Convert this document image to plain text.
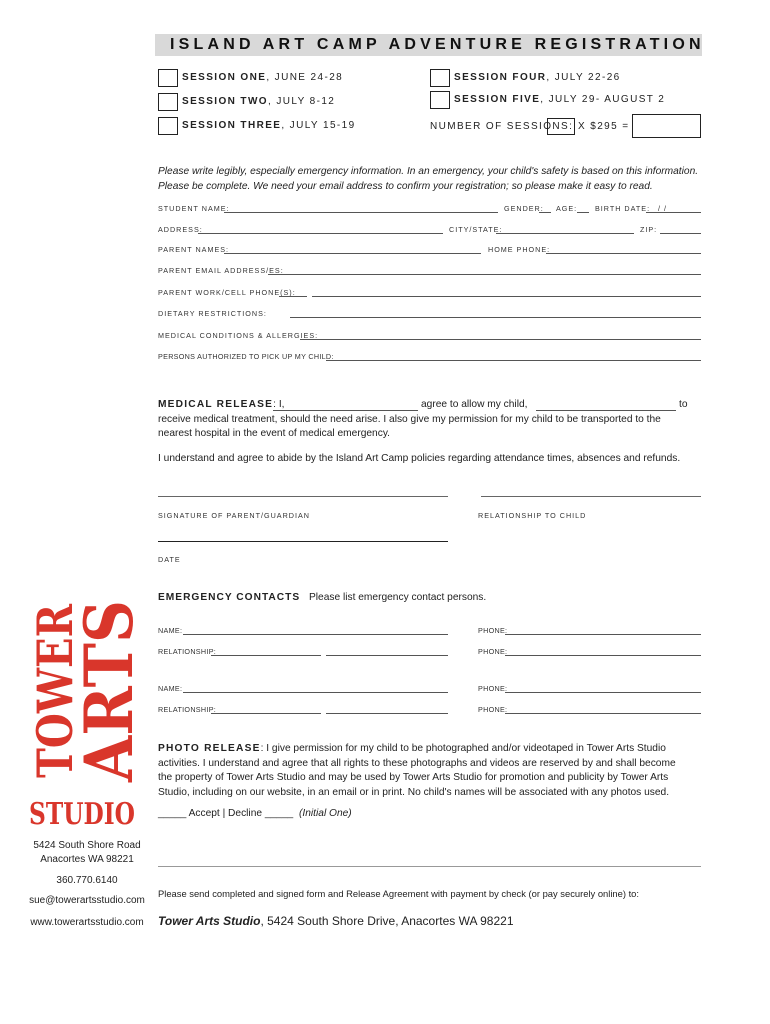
ISLAND ART CAMP ADVENTURE REGISTRATION
SESSION ONE, JUNE 24-28
SESSION TWO, JULY 8-12
SESSION THREE, JULY 15-19
SESSION FOUR, JULY 22-26
SESSION FIVE, JULY 29- AUGUST 2
NUMBER OF SESSIONS: X $295 =
Please write legibly, especially emergency information. In an emergency, your child's safety is based on this information.
Please be complete. We need your email address to confirm your registration; so please make it easy to read.
STUDENT NAME:	GENDER: AGE: BIRTH DATE: / /
ADDRESS:	CITY/STATE:	ZIP:
PARENT NAMES:	HOME PHONE:
PARENT EMAIL ADDRESS/ES:
PARENT WORK/CELL PHONE(S):
DIETARY RESTRICTIONS:
MEDICAL CONDITIONS & ALLERGIES:
PERSONS AUTHORIZED TO PICK UP MY CHILD:
MEDICAL RELEASE: I,
receive medical treatment, should the need arise. I also give my permission for my child to be transported to the
nearest hospital in the event of medical emergency.
agree to allow my child,	to
I understand and agree to abide by the Island Art Camp policies regarding attendance times, absences and refunds.
SIGNATURE OF PARENT/GUARDIAN	RELATIONSHIP TO CHILD
DATE
EMERGENCY CONTACTS Please list emergency contact persons.
NAME:	PHONE:
RELATIONSHIP:	PHONE:
NAME:	PHONE:
RELATIONSHIP:	PHONE:
PHOTO RELEASE: I give permission for my child to be photographed and/or videotaped in Tower Arts Studio
activities. I understand and agree that all rights to these photographs and videos are reserved by and shall become
the property of Tower Arts Studio and may be used by Tower Arts Studio for promotion and publicity by Tower Arts
Studio, including on our website, in an email or in print. No child's names will be associated with any photos used.
_____ Accept | Decline _____ (Initial One)
TOWER
ARTS
STUDIO
5424 South Shore Road
Anacortes WA 98221
360.770.6140
sue@towerartsstudio.com
www.towerartsstudio.com
Please send completed and signed form and Release Agreement with payment by check (or pay securely online) to:
Tower Arts Studio, 5424 South Shore Drive, Anacortes WA 98221
